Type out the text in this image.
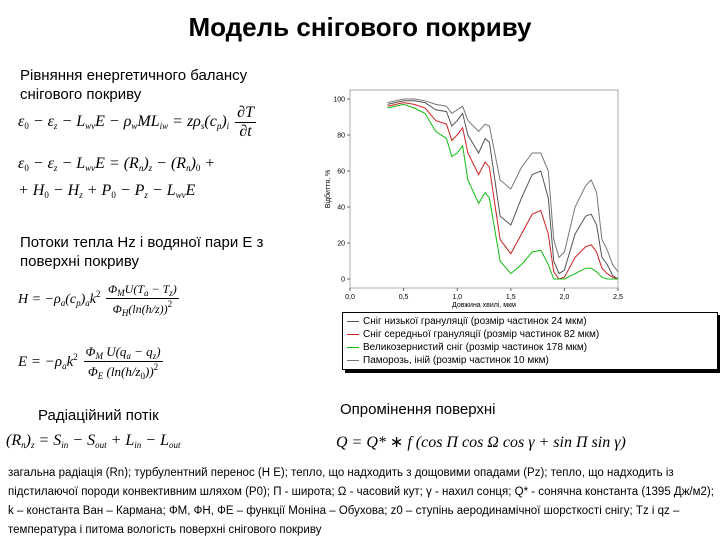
Модель снігового покриву
Рівняння енергетичного балансу снігового покриву
$\varepsilon_0 - \varepsilon_z - L_{wv}E - \rho_wML_{iw} = z\rho_s(c_p)_i \frac{\partial T}{\partial t}$
$\varepsilon_0 - \varepsilon_z - L_{wv}E = (R_n)_z - (R_n)_0$ +
+ $H_0 - H_z + P_0 - P_z - L_{wv}E$
Потоки тепла Hz і водяної пари E з поверхні покриву
$H = -\rho_a(c_p)_ak^2 \frac{\Phi_MU(T_a - T_z)}{\Phi_H(\ln(h/z))^2}$
$E = -\rho_ak^2 \frac{\Phi_M U(q_a - q_z)}{\Phi_E (\ln(h/z_0))^2}$
Радіаційний потік
$(R_n)_z = S_{in} - S_{out} + L_{in} - L_{out}$
Опромінення поверхні
Q = Q* ∗ f (cos Π cos Ω cos γ + sin Π sin γ)
0,0	0,5	1,0	1,5	2,0	2,5
0
20
40
60
80
100
Довжина хвилі, мкм
Відбиття, %
Сніг низької грануляції (розмір частинок 24 мкм)
Сніг середньої грануляції (розмір частинок 82 мкм)
Великозернистий сніг (розмір частинок 178 мкм)
Паморозь, іній (розмір частинок 10 мкм)
загальна радіація (Rn); турбулентний перенос (H E); тепло, що надходить з дощовими опадами (Pz); тепло, що надходить із підстилаючої породи конвективним шляхом (P0); П - широта; Ω - часовий кут; γ - нахил сонця; Q* - сонячна константа (1395 Дж/м2); k – константа Ван – Кармана; ФМ, ФН, ФЕ – функції Моніна – Обухова; z0 – ступінь аеродинамічної шорсткості снігу; Tz і qz – температура і питома вологість поверхні снігового покриву
